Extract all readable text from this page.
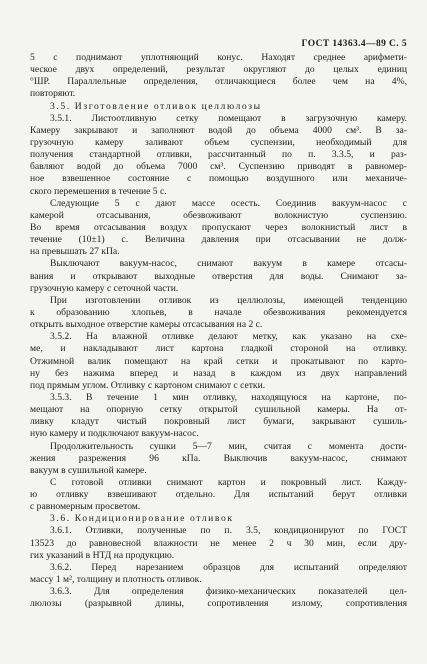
ГОСТ 14363.4—89 С. 5
5 с поднимают уплотняющий конус. Находят среднее арифмети-
ческое двух определений, результат округляют до целых единиц
°ШР. Параллельные определения, отличающиеся более чем на 4%,
повторяют.
3.5. Изготовление отливок целлюлозы
3.5.1. Листоотливную сетку помещают в загрузочную камеру.
Камеру закрывают и заполняют водой до объема 4000 см³. В за-
грузочную камеру заливают объем суспензии, необходимый для
получения стандартной отливки, рассчитанный по п. 3.3.5, и раз-
бавляют водой до объема 7000 см³. Суспензию приводят в равномер-
ное взвешенное состояние с помощью воздушного или механиче-
ского перемешения в течение 5 с.
Следующие 5 с дают массе осесть. Соединив вакуум-насос с
камерой отсасывания, обезвоживают волокнистую суспензию.
Во время отсасывания воздух пропускают через волокнистый лист в
течение (10±1) с. Величина давления при отсасывании не долж-
на превышать 27 кПа.
Выключают вакуум-насос, снимают вакуум в камере отсасы-
вания и открывают выходные отверстия для воды. Снимают за-
грузочную камеру с сеточной части.
При изготовлении отливок из целлюлозы, имеющей тенденцию
к образованию хлопьев, в начале обезвоживания рекомендуется
открыть выходное отверстие камеры отсасывания на 2 с.
3.5.2. На влажной отливке делают метку, как указано на схе-
ме, и накладывают лист картона гладкой стороной на отливку.
Отжимной валик помещают на край сетки и прокатывают по карто-
ну без нажима вперед и назад в каждом из двух направлений
под прямым углом. Отливку с картоном снимают с сетки.
3.5.3. В течение 1 мин отливку, находящуюся на картоне, по-
мещают на опорную сетку открытой сушильной камеры. На от-
ливку кладут чистый покровный лист бумаги, закрывают сушиль-
ную камеру и подключают вакуум-насос.
Продолжительность сушки 5—7 мин, считая с момента дости-
жения разрежения 96 кПа. Выключив вакуум-насос, снимают
вакуум в сушильной камере.
С готовой отливки снимают картон и покровный лист. Кажду-
ю отливку взвешивают отдельно. Для испытаний берут отливки
с равномерным просветом.
3.6. Кондиционирование отливок
3.6.1. Отливки, полученные по п. 3.5, кондиционируют по ГОСТ
13523 до равновесной влажности не менее 2 ч 30 мин, если дру-
гих указаний в НТД на продукцию.
3.6.2. Перед нарезанием образцов для испытаний определяют
массу 1 м², толщину и плотность отливок.
3.6.3. Для определения физико-механических показателей цел-
люлозы (разрывной длины, сопротивления излому, сопротивления
